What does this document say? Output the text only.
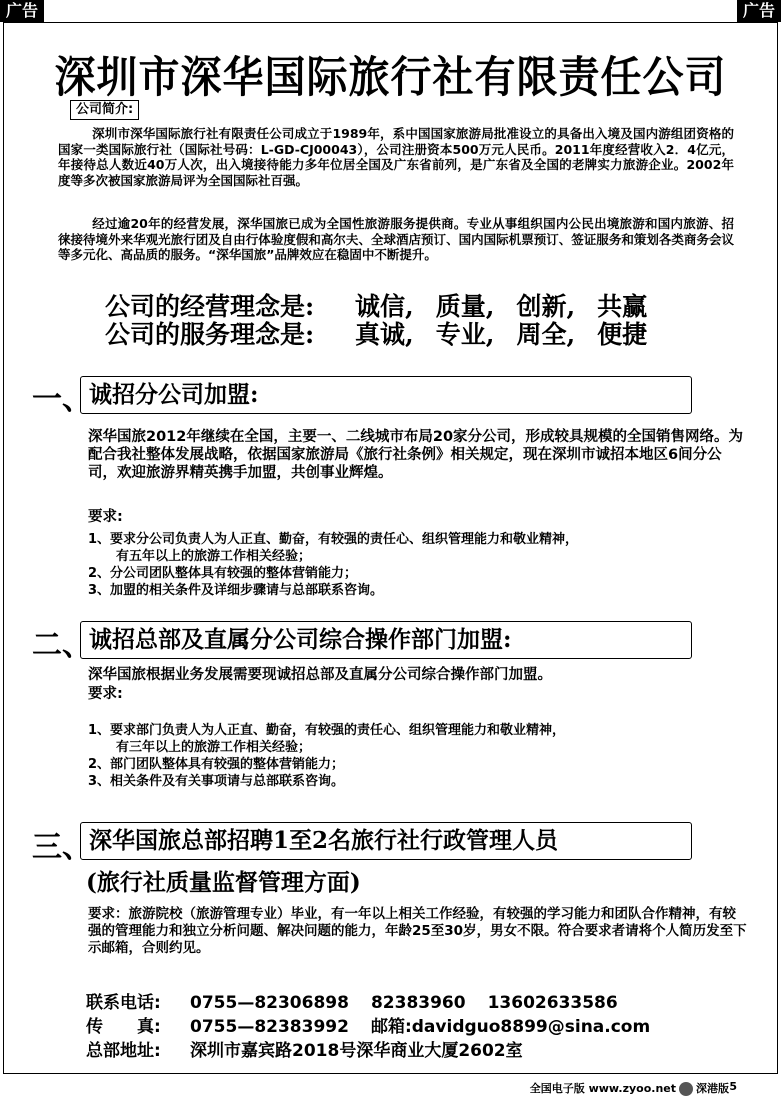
广告	广告
深圳市深华国际旅行社有限责任公司
公司简介:
深圳市深华国际旅行社有限责任公司成立于1989年，系中国国家旅游局批准设立的具备出入境及国内游组团资格的国家一类国际旅行社（国际社号码：L-GD-CJ00043），公司注册资本500万元人民币。2011年度经营收入2．4亿元，年接待总人数近40万人次，出入境接待能力多年位居全国及广东省前列，是广东省及全国的老牌实力旅游企业。2002年度等多次被国家旅游局评为全国国际社百强。
经过逾20年的经营发展，深华国旅已成为全国性旅游服务提供商。专业从事组织国内公民出境旅游和国内旅游、招徕接待境外来华观光旅行团及自由行体验度假和高尔夫、全球酒店预订、国内国际机票预订、签证服务和策划各类商务会议等多元化、高品质的服务。“深华国旅”品牌效应在稳固中不断提升。
公司的经营理念是: 诚信, 质量, 创新, 共赢
公司的服务理念是: 真诚, 专业, 周全, 便捷
一、
诚招分公司加盟:
深华国旅2012年继续在全国，主要一、二线城市布局20家分公司，形成较具规模的全国销售网络。为配合我社整体发展战略，依据国家旅游局《旅行社条例》相关规定，现在深圳市诚招本地区6间分公司，欢迎旅游界精英携手加盟，共创事业辉煌。
要求:
1、要求分公司负责人为人正直、勤奋，有较强的责任心、组织管理能力和敬业精神，
有五年以上的旅游工作相关经验；
2、分公司团队整体具有较强的整体营销能力；
3、加盟的相关条件及详细步骤请与总部联系咨询。
二、
诚招总部及直属分公司综合操作部门加盟:
深华国旅根据业务发展需要现诚招总部及直属分公司综合操作部门加盟。
要求:
1、要求部门负责人为人正直、勤奋，有较强的责任心、组织管理能力和敬业精神，
有三年以上的旅游工作相关经验；
2、部门团队整体具有较强的整体营销能力；
3、相关条件及有关事项请与总部联系咨询。
三、
深华国旅总部招聘1至2名旅行社行政管理人员
(旅行社质量监督管理方面)
要求：旅游院校（旅游管理专业）毕业，有一年以上相关工作经验，有较强的学习能力和团队合作精神，有较强的管理能力和独立分析问题、解决问题的能力，年龄25至30岁，男女不限。符合要求者请将个人简历发至下示邮箱，合则约见。
联系电话: 0755—82306898 82383960 13602633586
传　　真: 0755—82383992 邮箱:davidguo8899@sina.com
总部地址: 深圳市嘉宾路2018号深华商业大厦2602室
全国电子版 www.zyoo.net 深港版 5
